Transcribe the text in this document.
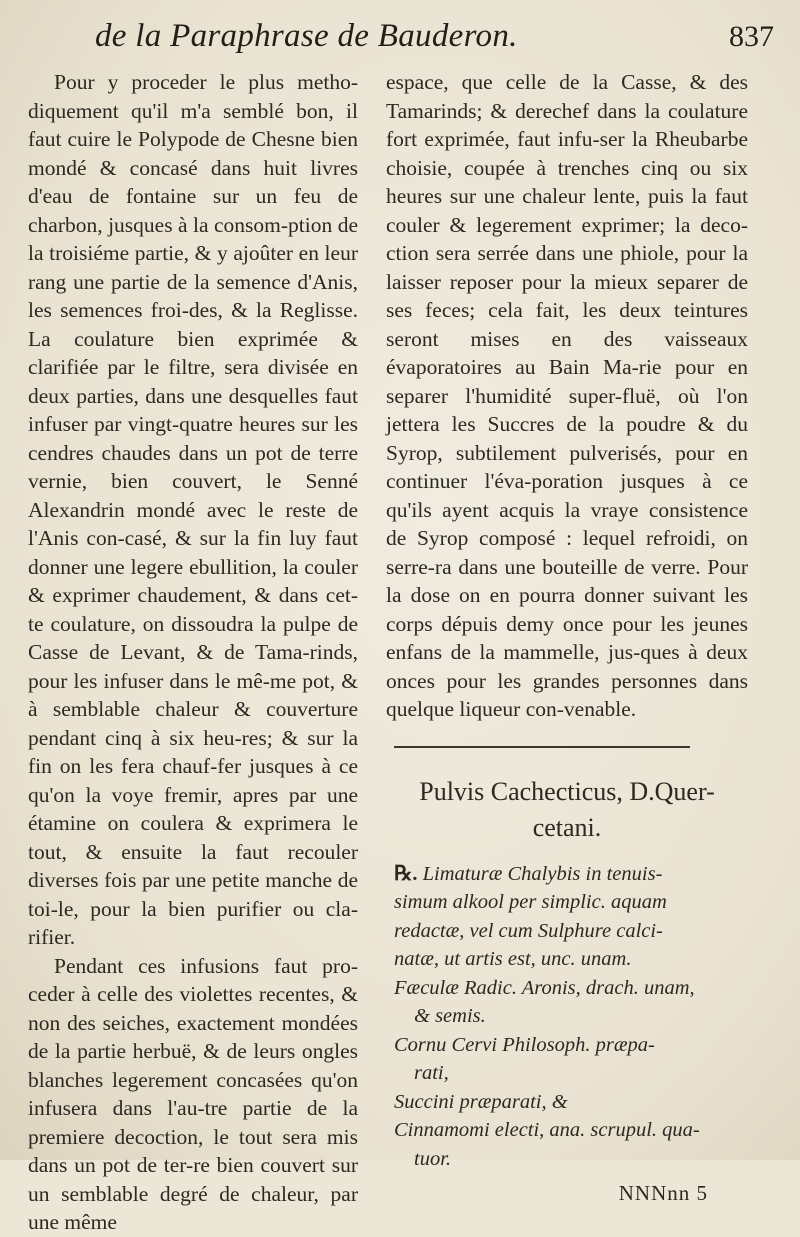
de la Paraphrase de Bauderon.	837

Pour y proceder le plus metho-diquement qu'il m'a semblé bon, il faut cuire le Polypode de Chesne bien mondé & concasé dans huit livres d'eau de fontaine sur un feu de charbon, jusques à la consom-ption de la troisiéme partie, & y ajoûter en leur rang une partie de la semence d'Anis, les semences froi-des, & la Reglisse. La coulature bien exprimée & clarifiée par le filtre, sera divisée en deux parties, dans une desquelles faut infuser par vingt-quatre heures sur les cendres chaudes dans un pot de terre vernie, bien couvert, le Senné Alexandrin mondé avec le reste de l'Anis con-casé, & sur la fin luy faut donner une legere ebullition, la couler & exprimer chaudement, & dans cet-te coulature, on dissoudra la pulpe de Casse de Levant, & de Tama-rinds, pour les infuser dans le mê-me pot, & à semblable chaleur & couverture pendant cinq à six heu-res; & sur la fin on les fera chauf-fer jusques à ce qu'on la voye fremir, apres par une étamine on coulera & exprimera le tout, & ensuite la faut recouler diverses fois par une petite manche de toi-le, pour la bien purifier ou cla-rifier.

Pendant ces infusions faut pro-ceder à celle des violettes recentes, & non des seiches, exactement mondées de la partie herbuë, & de leurs ongles blanches legerement concasées qu'on infusera dans l'au-tre partie de la premiere decoction, le tout sera mis dans un pot de ter-re bien couvert sur un semblable degré de chaleur, par une même

espace, que celle de la Casse, & des Tamarinds; & derechef dans la coulature fort exprimée, faut infu-ser la Rheubarbe choisie, coupée à trenches cinq ou six heures sur une chaleur lente, puis la faut couler & legerement exprimer; la deco-ction sera serrée dans une phiole, pour la laisser reposer pour la mieux separer de ses feces; cela fait, les deux teintures seront mises en des vaisseaux évaporatoires au Bain Ma-rie pour en separer l'humidité super-fluë, où l'on jettera les Succres de la poudre & du Syrop, subtilement pulverisés, pour en continuer l'éva-poration jusques à ce qu'ils ayent acquis la vraye consistence de Syrop composé : lequel refroidi, on serre-ra dans une bouteille de verre. Pour la dose on en pourra donner suivant les corps dépuis demy once pour les jeunes enfans de la mammelle, jus-ques à deux onces pour les grandes personnes dans quelque liqueur con-venable.

Pulvis Cachecticus, D.Quer-cetani.

℞. Limaturæ Chalybis in tenuis-
simum alkool per simplic. aquam
redactæ, vel cum Sulphure calci-
natæ, ut artis est, unc. unam.
Fæculæ Radic. Aronis, drach. unam,
& semis.
Cornu Cervi Philosoph. præpa-
rati,
Succini præparati, &
Cinnamomi electi, ana. scrupul. qua-
tuor.
NNNnn 5
